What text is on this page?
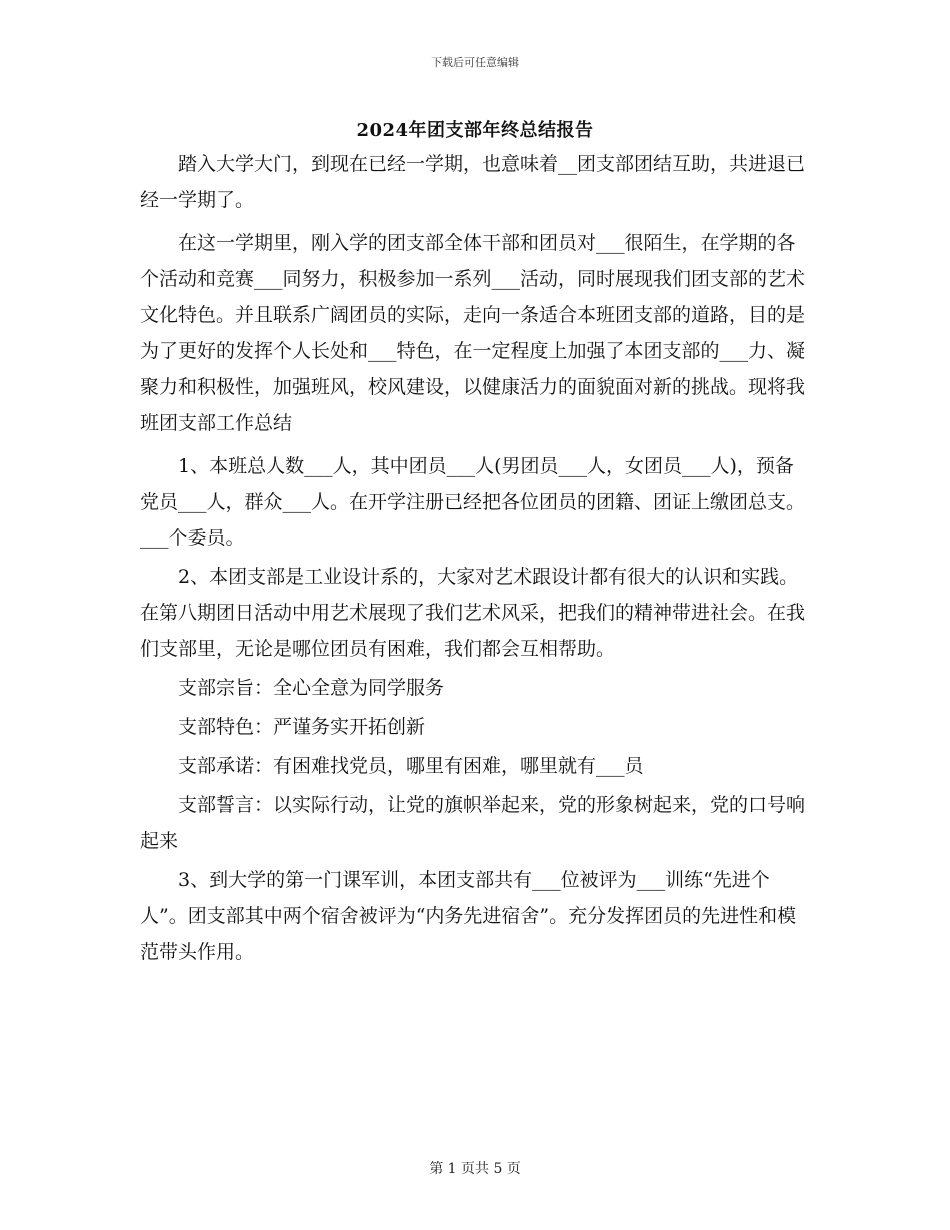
下载后可任意编辑
2024年团支部年终总结报告

踏入大学大门，到现在已经一学期，也意味着__团支部团结互助，共进退已经一学期了。

在这一学期里，刚入学的团支部全体干部和团员对___很陌生，在学期的各个活动和竞赛___同努力，积极参加一系列___活动，同时展现我们团支部的艺术文化特色。并且联系广阔团员的实际，走向一条适合本班团支部的道路，目的是为了更好的发挥个人长处和___特色，在一定程度上加强了本团支部的___力、凝聚力和积极性，加强班风，校风建设，以健康活力的面貌面对新的挑战。现将我班团支部工作总结

1、本班总人数___人，其中团员___人(男团员___人，女团员___人)，预备党员___人，群众___人。在开学注册已经把各位团员的团籍、团证上缴团总支。___个委员。

2、本团支部是工业设计系的，大家对艺术跟设计都有很大的认识和实践。在第八期团日活动中用艺术展现了我们艺术风采，把我们的精神带进社会。在我们支部里，无论是哪位团员有困难，我们都会互相帮助。

支部宗旨：全心全意为同学服务

支部特色：严谨务实开拓创新

支部承诺：有困难找党员，哪里有困难，哪里就有___员

支部誓言：以实际行动，让党的旗帜举起来，党的形象树起来，党的口号响起来

3、到大学的第一门课军训，本团支部共有___位被评为___训练“先进个人”。团支部其中两个宿舍被评为“内务先进宿舍”。充分发挥团员的先进性和模范带头作用。

第 1 页共 5 页
